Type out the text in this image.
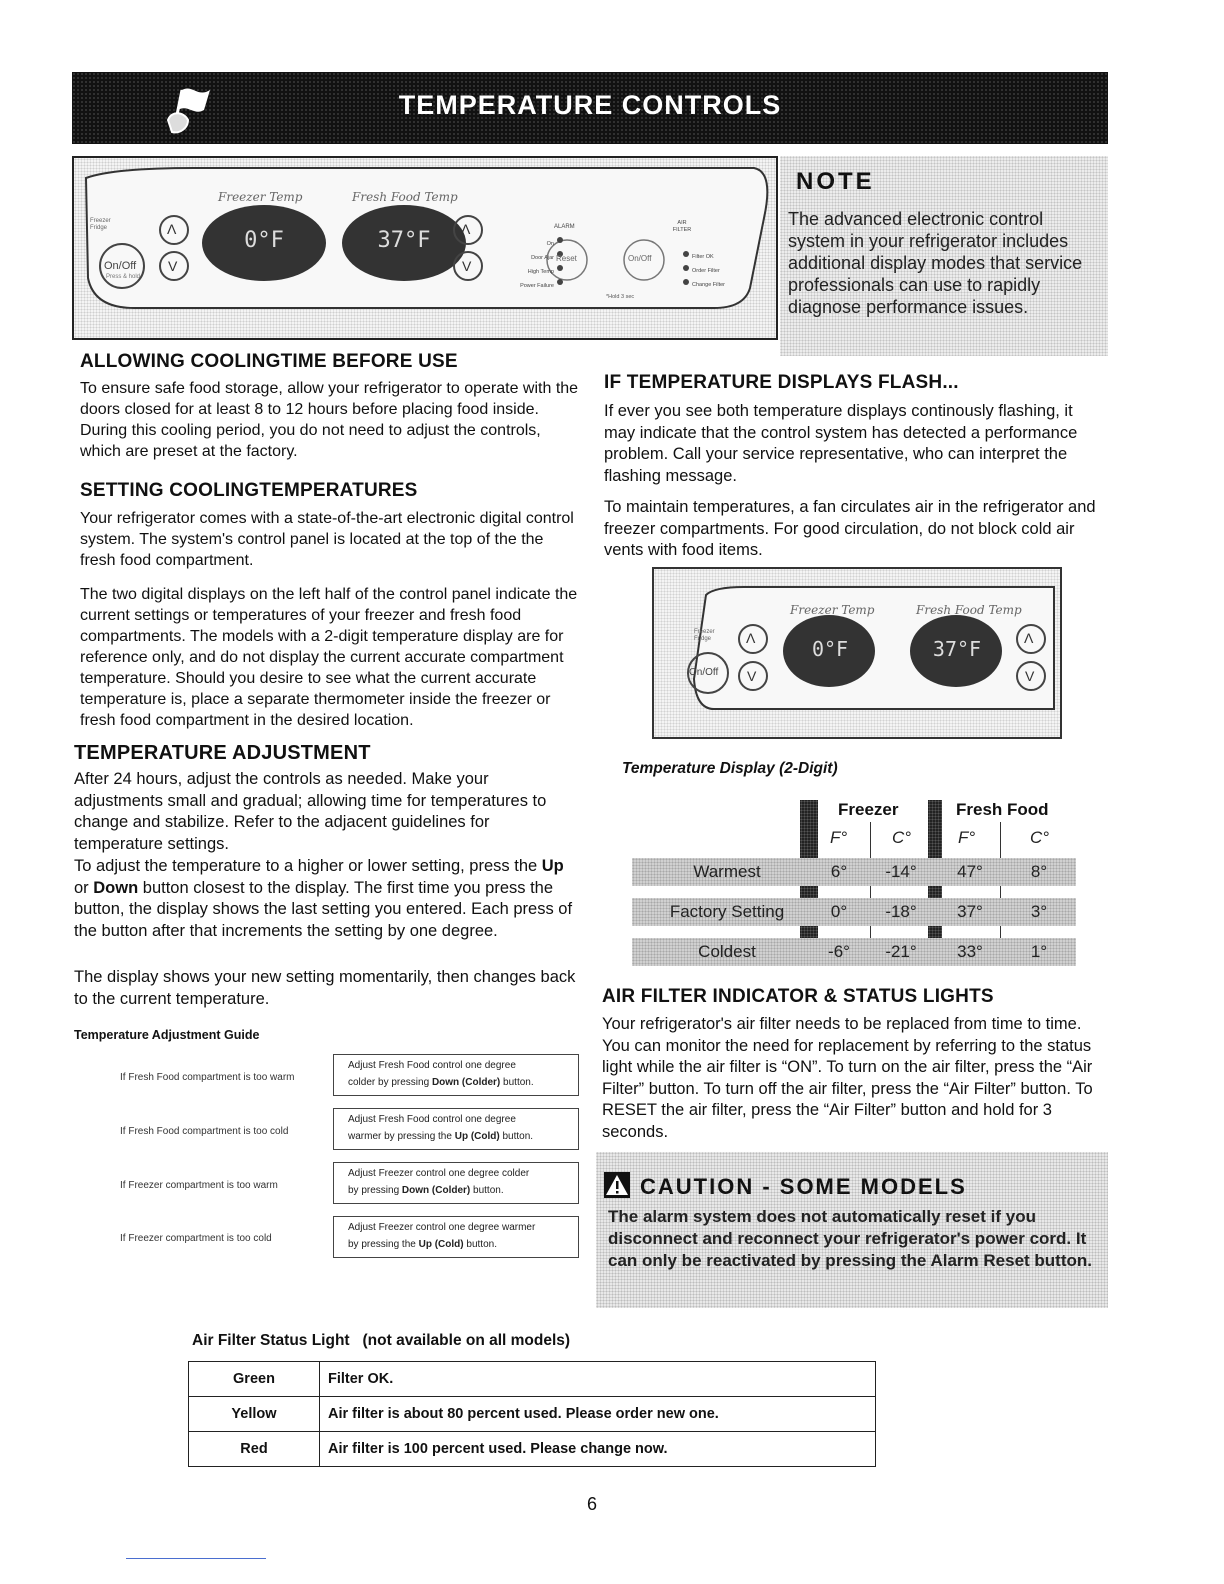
TEMPERATURE CONTROLS
Freezer Temp	Fresh Food Temp
Freezer Fridge
On/Off
Press & hold
Λ
V
Λ
V
0°F	37°F
ALARM
On
Door Ajar
High Temp
Power Failure
Reset
AIR FILTER
On/Off	Filter OK
Order Filter
Change Filter
*Hold 3 sec
NOTE
The advanced electronic control system in your refrigerator includes additional display modes that service professionals can use to rapidly diagnose performance issues.
ALLOWING COOLINGTIME BEFORE USE

To ensure safe food storage, allow your refrigerator to operate with the doors closed for at least 8 to 12 hours before placing food inside. During this cooling period, you do not need to adjust the controls, which are preset at the factory.

SETTING COOLINGTEMPERATURES

Your refrigerator comes with a state-of-the-art electronic digital control system. The system's control panel is located at the top of the the fresh food compartment.

The two digital displays on the left half of the control panel indicate the current settings or temperatures of your freezer and fresh food compartments. The models with a 2-digit temperature display are for reference only, and do not display the current accurate compartment temperature. Should you desire to see what the current accurate temperature is, place a separate thermometer inside the freezer or fresh food compartment in the desired location.

TEMPERATURE ADJUSTMENT

After 24 hours, adjust the controls as needed. Make your adjustments small and gradual; allowing time for temperatures to change and stabilize. Refer to the adjacent guidelines for temperature settings.

To adjust the temperature to a higher or lower setting, press the Up or Down button closest to the display. The first time you press the button, the display shows the last setting you entered. Each press of the button after that increments the setting by one degree.

The display shows your new setting momentarily, then changes back to the current temperature.

Temperature Adjustment Guide
If Fresh Food compartment is too warm
Adjust Fresh Food control one degree
colder by pressing Down (Colder) button.
If Fresh Food compartment is too cold
Adjust Fresh Food control one degree
warmer by pressing the Up (Cold) button.
If Freezer compartment is too warm
Adjust Freezer control one degree colder
by pressing Down (Colder) button.
If Freezer compartment is too cold
Adjust Freezer control one degree warmer
by pressing the Up (Cold) button.
IF TEMPERATURE DISPLAYS FLASH...

If ever you see both temperature displays continously flashing, it may indicate that the control system has detected a performance problem. Call your service representative, who can interpret the flashing message.

To maintain temperatures, a fan circulates air in the refrigerator and freezer compartments. For good circulation, do not block cold air vents with food items.

Freezer Temp	Fresh Food Temp
Freezer Fridge
On/Off
Λ
V
Λ
V
0°F	37°F
Temperature Display (2-Digit)
Freezer	Fresh Food
F°	C°	F°	C°
Warmest	6°	-14°	47°	8°
Factory Setting	0°	-18°	37°	3°
Coldest	-6°	-21°	33°	1°
AIR FILTER INDICATOR & STATUS LIGHTS

Your refrigerator's air filter needs to be replaced from time to time. You can monitor the need for replacement by referring to the status light while the air filter is “ON”. To turn on the air filter, press the “Air Filter” button. To turn off the air filter, press the “Air Filter” button. To RESET the air filter, press the “Air Filter” button and hold for 3 seconds.

CAUTION - SOME MODELS
The alarm system does not automatically reset if you disconnect and reconnect your refrigerator's power cord. It can only be reactivated by pressing the Alarm Reset button.
Air Filter Status Light   (not available on all models)
Green	Filter OK.
Yellow	Air filter is about 80 percent used. Please order new one.
Red	Air filter is 100 percent used. Please change now.
6
